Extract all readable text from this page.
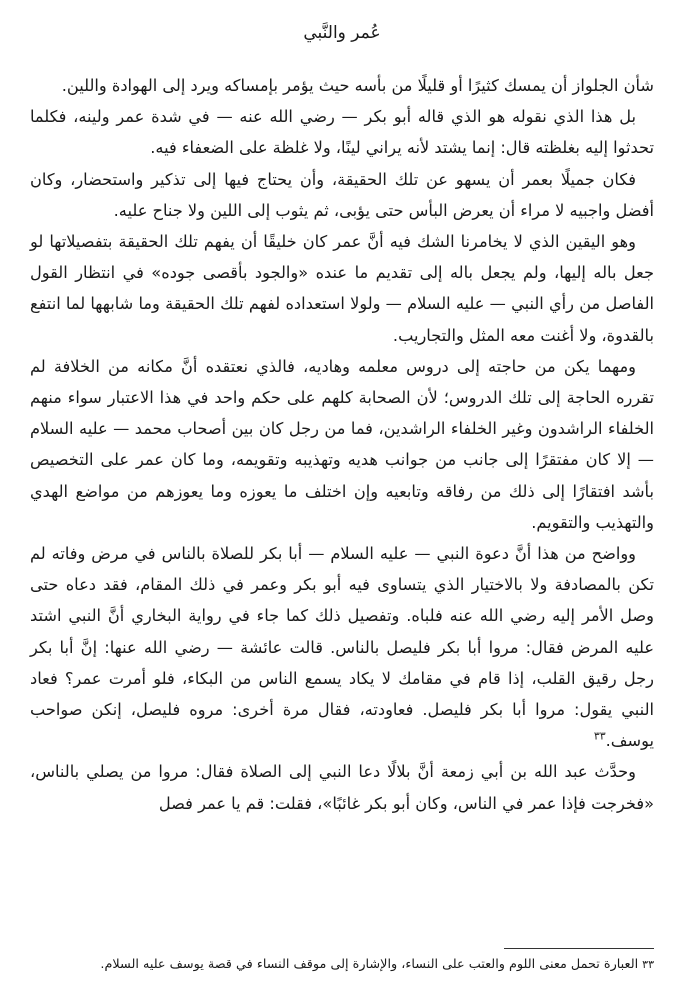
عُمر والنَّبي

شأن الجلواز أن يمسك كثيرًا أو قليلًا من بأسه حيث يؤمر بإمساكه ويرد إلى الهوادة واللين.

بل هذا الذي نقوله هو الذي قاله أبو بكر — رضي الله عنه — في شدة عمر ولينه، فكلما تحدثوا إليه بغلظته قال: إنما يشتد لأنه يراني لينًا، ولا غلظة على الضعفاء فيه.

فكان جميلًا بعمر أن يسهو عن تلك الحقيقة، وأن يحتاج فيها إلى تذكير واستحضار، وكان أفضل واجبيه لا مراء أن يعرض البأس حتى يؤبى، ثم يثوب إلى اللين ولا جناح عليه.

وهو اليقين الذي لا يخامرنا الشك فيه أنَّ عمر كان خليقًا أن يفهم تلك الحقيقة بتفصيلاتها لو جعل باله إليها، ولم يجعل باله إلى تقديم ما عنده «والجود بأقصى جوده» في انتظار القول الفاصل من رأي النبي — عليه السلام — ولولا استعداده لفهم تلك الحقيقة وما شابهها لما انتفع بالقدوة، ولا أغنت معه المثل والتجاريب.

ومهما يكن من حاجته إلى دروس معلمه وهاديه، فالذي نعتقده أنَّ مكانه من الخلافة لم تقرره الحاجة إلى تلك الدروس؛ لأن الصحابة كلهم على حكم واحد في هذا الاعتبار سواء منهم الخلفاء الراشدون وغير الخلفاء الراشدين، فما من رجل كان بين أصحاب محمد — عليه السلام — إلا كان مفتقرًا إلى جانب من جوانب هديه وتهذيبه وتقويمه، وما كان عمر على التخصيص بأشد افتقارًا إلى ذلك من رفاقه وتابعيه وإن اختلف ما يعوزه وما يعوزهم من مواضع الهدي والتهذيب والتقويم.

وواضح من هذا أنَّ دعوة النبي — عليه السلام — أبا بكر للصلاة بالناس في مرض وفاته لم تكن بالمصادفة ولا بالاختيار الذي يتساوى فيه أبو بكر وعمر في ذلك المقام، فقد دعاه حتى وصل الأمر إليه رضي الله عنه فلباه. وتفصيل ذلك كما جاء في رواية البخاري أنَّ النبي اشتد عليه المرض فقال: مروا أبا بكر فليصل بالناس. قالت عائشة — رضي الله عنها: إنَّ أبا بكر رجل رقيق القلب، إذا قام في مقامك لا يكاد يسمع الناس من البكاء، فلو أمرت عمر؟ فعاد النبي يقول: مروا أبا بكر فليصل. فعاودته، فقال مرة أخرى: مروه فليصل، إنكن صواحب يوسف.$^{٣٣}$

وحدَّث عبد الله بن أبي زمعة أنَّ بلالًا دعا النبي إلى الصلاة فقال: مروا من يصلي بالناس، «فخرجت فإذا عمر في الناس، وكان أبو بكر غائبًا»، فقلت: قم يا عمر فصل

٣٣العبارة تحمل معنى اللوم والعتب على النساء، والإشارة إلى موقف النساء في قصة يوسف عليه السلام.
